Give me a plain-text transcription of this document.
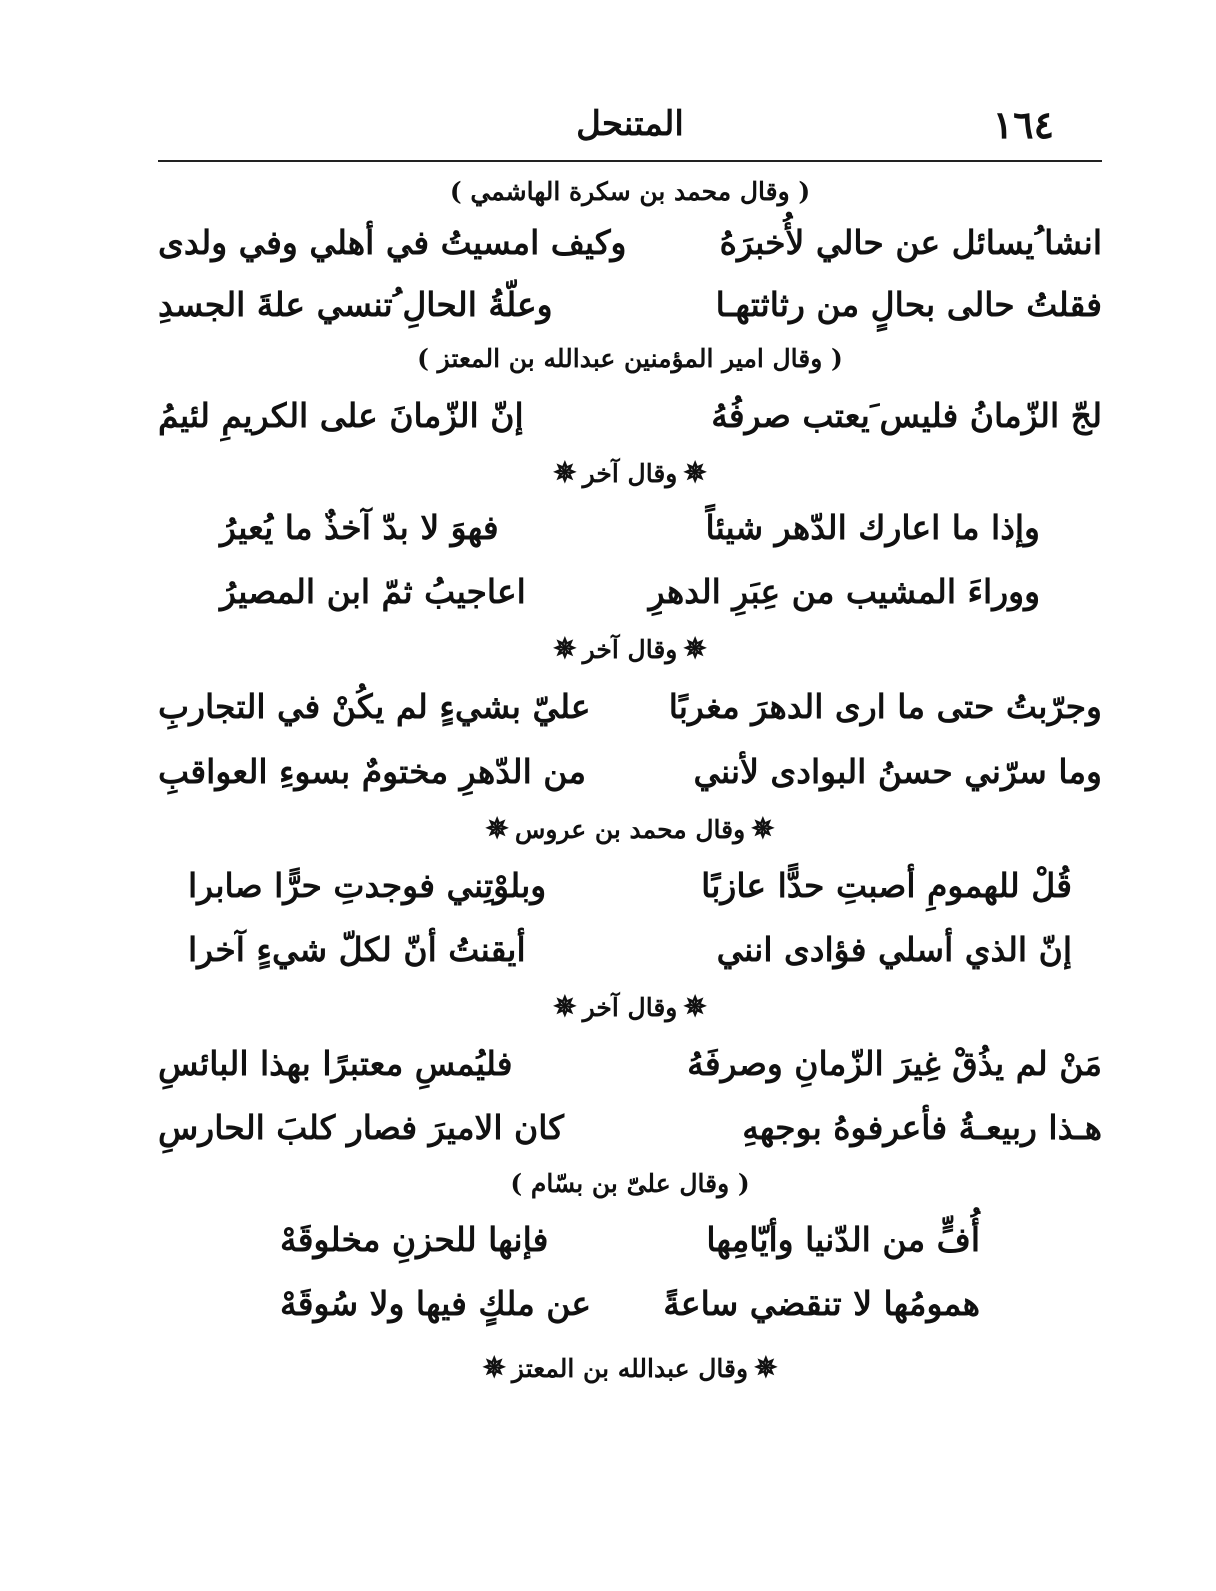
المتنحل	١٦٤
( وقال محمد بن سكرة الهاشمي )
انشا ُيسائل عن حالي لأُخبرَهُ
وكيف امسيتُ في أهلي وفي ولدى
فقلتُ حالى بحالٍ من رثاثتهـا
وعلّةُ الحالِ ُتنسي علةَ الجسدِ
( وقال امير المؤمنين عبدالله بن المعتز )
لجّ الزّمانُ فليس َيعتب صرفُهُ
إنّ الزّمانَ على الكريمِ لئيمُ
✵وقال آخر✵
وإذا ما اعارك الدّهر شيئاً
فهوَ لا بدّ آخذٌ ما يُعيرُ
ووراءَ المشيب من عِبَرِ الدهرِ
اعاجيبُ ثمّ ابن المصيرُ
✵وقال آخر✵
وجرّبتُ حتى ما ارى الدهرَ مغربًا
عليّ بشيءٍ لم يكُنْ في التجاربِ
وما سرّني حسنُ البوادى لأنني
من الدّهرِ مختومٌ بسوءِ العواقبِ
✵وقال محمد بن عروس✵
قُلْ للهمومِ أصبتِ حدًّا عازبًا
وبلوْتِني فوجدتِ حرًّا صابرا
إنّ الذي أسلي فؤادى انني
أيقنتُ أنّ لكلّ شيءٍ آخرا
✵وقال آخر✵
مَنْ لم يذُقْ غِيرَ الزّمانِ وصرفَهُ
فليُمسِ معتبرًا بهذا البائسِ
هـذا ربيعـةُ فأعرفوهُ بوجههِ
كان الاميرَ فصار كلبَ الحارسِ
( وقال علىّ بن بسّام )
أُفٍّ من الدّنيا وأيّامِها
فإنها للحزنِ مخلوقَهْ
همومُها لا تنقضي ساعةً
عن ملكٍ فيها ولا سُوقَهْ
✵وقال عبدالله بن المعتز✵
